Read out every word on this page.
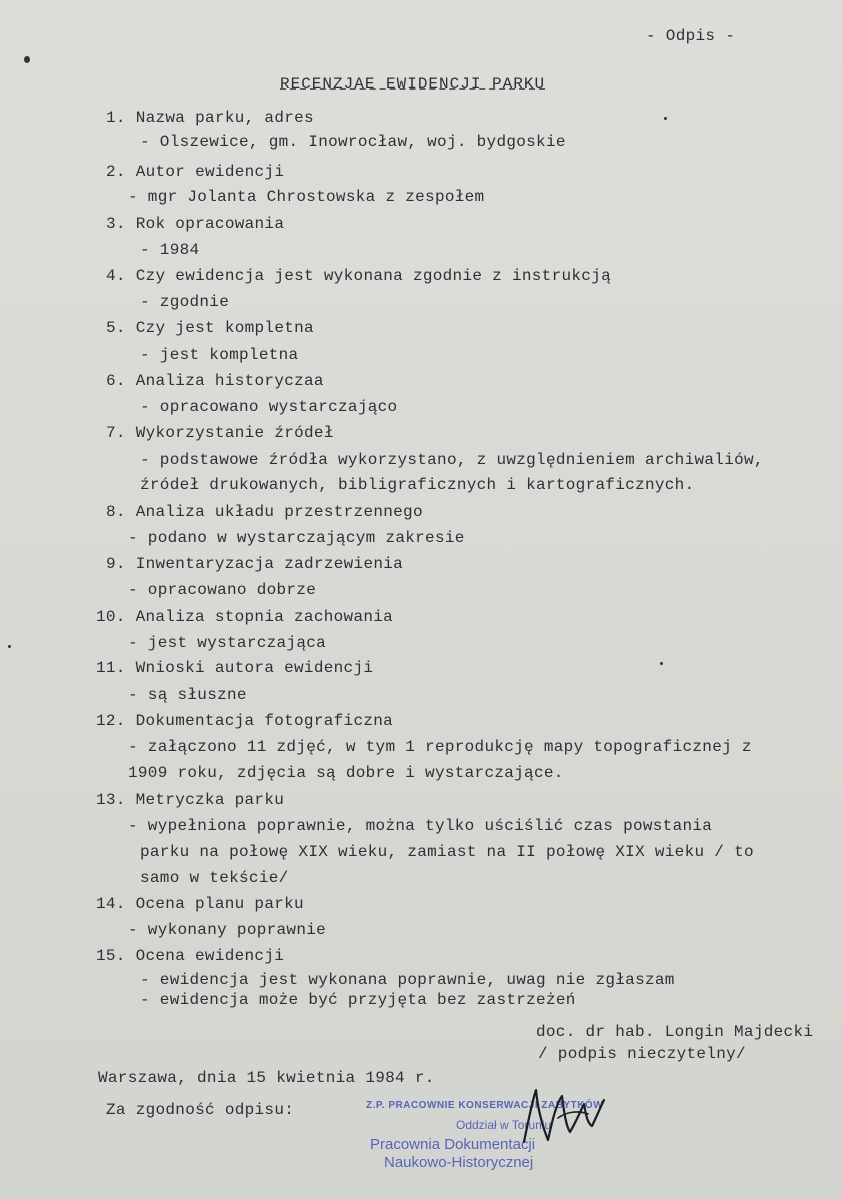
- Odpis -
RECENZJAE EWIDENCJI PARKU
1. Nazwa parku, adres
- Olszewice, gm. Inowrocław, woj. bydgoskie
2. Autor ewidencji
- mgr Jolanta Chrostowska z zespołem
3. Rok opracowania
- 1984
4. Czy ewidencja jest wykonana zgodnie z instrukcją
- zgodnie
5. Czy jest kompletna
- jest kompletna
6. Analiza historyczaa
- opracowano wystarczająco
7. Wykorzystanie źródeł
- podstawowe źródła wykorzystano, z uwzględnieniem archiwaliów,
źródeł drukowanych, bibligraficznych i kartograficznych.
8. Analiza układu przestrzennego
- podano w wystarczającym zakresie
9. Inwentaryzacja zadrzewienia
- opracowano dobrze
10. Analiza stopnia zachowania
- jest wystarczająca
11. Wnioski autora ewidencji
- są słuszne
12. Dokumentacja fotograficzna
- załączono 11 zdjęć, w tym 1 reprodukcję mapy topograficznej z
1909 roku, zdjęcia są dobre i wystarczające.
13. Metryczka parku
- wypełniona poprawnie, można tylko uściślić czas powstania
parku na połowę XIX wieku, zamiast na II połowę XIX wieku / to
samo w tekście/
14. Ocena planu parku
- wykonany poprawnie
15. Ocena ewidencji
- ewidencja jest wykonana poprawnie, uwag nie zgłaszam
- ewidencja może być przyjęta bez zastrzeżeń
doc. dr hab. Longin Majdecki
/ podpis nieczytelny/
Warszawa, dnia 15 kwietnia 1984 r.
Za zgodność odpisu:	Z.P. PRACOWNIE KONSERWACJI ZABYTKÓW
Oddział w Toruniu
Pracownia Dokumentacji
Naukowo-Historycznej
